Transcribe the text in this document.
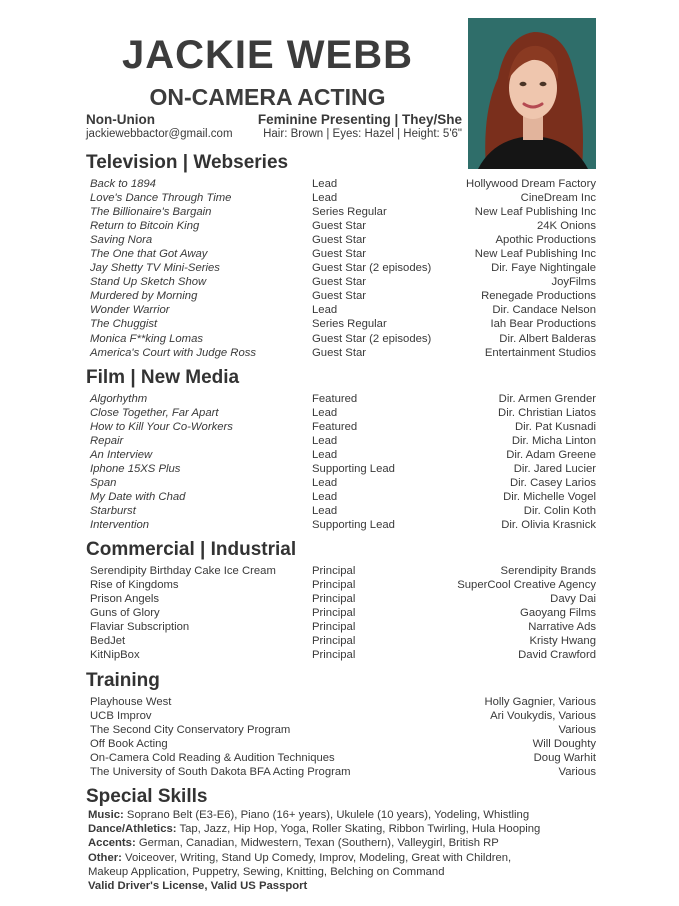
JACKIE WEBB
ON-CAMERA ACTING
Non-Union
jackiewebbactor@gmail.com
Feminine Presenting | They/She
Hair: Brown | Eyes: Hazel | Height: 5'6"
Television | Webseries
Back to 1894	Lead	Hollywood Dream Factory
Love's Dance Through Time	Lead	CineDream Inc
The Billionaire's Bargain	Series Regular	New Leaf Publishing Inc
Return to Bitcoin King	Guest Star	24K Onions
Saving Nora	Guest Star	Apothic Productions
The One that Got Away	Guest Star	New Leaf Publishing Inc
Jay Shetty TV Mini-Series	Guest Star (2 episodes)	Dir. Faye Nightingale
Stand Up Sketch Show	Guest Star	JoyFilms
Murdered by Morning	Guest Star	Renegade Productions
Wonder Warrior	Lead	Dir. Candace Nelson
The Chuggist	Series Regular	Iah Bear Productions
Monica F**king Lomas	Guest Star (2 episodes)	Dir. Albert Balderas
America's Court with Judge Ross	Guest Star	Entertainment Studios
Film | New Media
Algorhythm	Featured	Dir. Armen Grender
Close Together, Far Apart	Lead	Dir. Christian Liatos
How to Kill Your Co-Workers	Featured	Dir. Pat Kusnadi
Repair	Lead	Dir. Micha Linton
An Interview	Lead	Dir. Adam Greene
Iphone 15XS Plus	Supporting Lead	Dir. Jared Lucier
Span	Lead	Dir. Casey Larios
My Date with Chad	Lead	Dir. Michelle Vogel
Starburst	Lead	Dir. Colin Koth
Intervention	Supporting Lead	Dir. Olivia Krasnick
Commercial | Industrial
Serendipity Birthday Cake Ice Cream	Principal	Serendipity Brands
Rise of Kingdoms	Principal	SuperCool Creative Agency
Prison Angels	Principal	Davy Dai
Guns of Glory	Principal	Gaoyang Films
Flaviar Subscription	Principal	Narrative Ads
BedJet	Principal	Kristy Hwang
KitNipBox	Principal	David Crawford
Training
Playhouse West	Holly Gagnier, Various
UCB Improv	Ari Voukydis, Various
The Second City Conservatory Program	Various
Off Book Acting	Will Doughty
On-Camera Cold Reading & Audition Techniques	Doug Warhit
The University of South Dakota BFA Acting Program	Various
Special Skills
Music: Soprano Belt (E3-E6), Piano (16+ years), Ukulele (10 years), Yodeling, Whistling
Dance/Athletics: Tap, Jazz, Hip Hop, Yoga, Roller Skating, Ribbon Twirling, Hula Hooping
Accents: German, Canadian, Midwestern, Texan (Southern), Valleygirl, British RP
Other: Voiceover, Writing, Stand Up Comedy, Improv, Modeling, Great with Children,
Makeup Application, Puppetry, Sewing, Knitting, Belching on Command
Valid Driver's License, Valid US Passport
